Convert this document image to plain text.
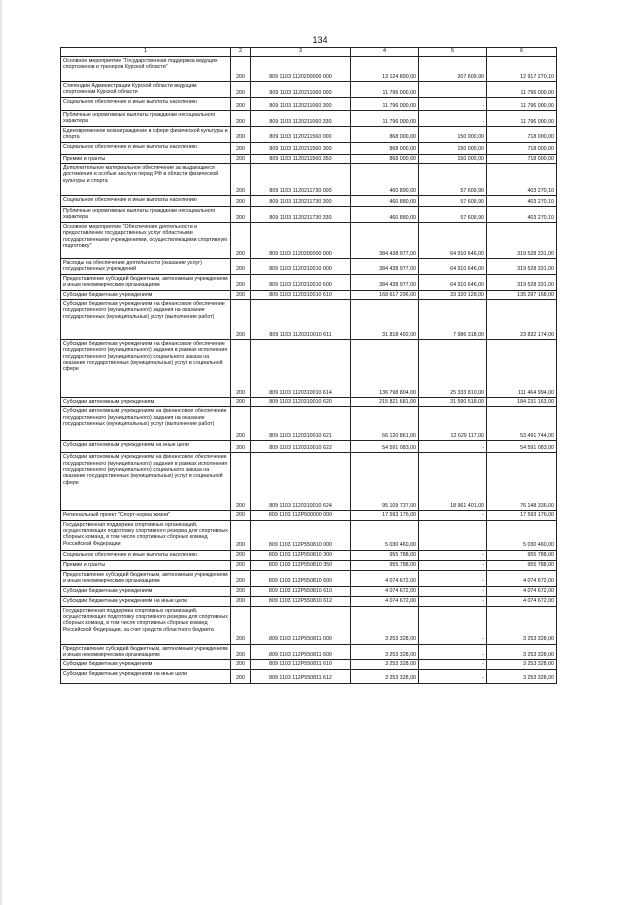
134
1	2	3	4	5	6
Основное мероприятие "Государственная поддержка ведущих спортсменов и тренеров Курской области"	200	809 1103 1120200000 000	13 124 890,00	207 609,90	12 917 270,10
Стипендии Администрации Курской области ведущим спортсменам Курской области	200	809 1103 1120211060 000	11 796 000,00		11 796 000,00
Социальное обеспечение и иные выплаты населению	200	809 1103 1120211060 300	11 796 000,00	-	11 796 000,00
Публичные нормативные выплаты гражданам несоциального характера	200	809 1103 1120211060 330	11 796 000,00	-	11 796 000,00
Единовременное вознаграждение в сфере физической культуры и спорта	200	809 1103 1120211560 000	868 000,00	150 000,00	718 000,00
Социальное обеспечение и иные выплаты населению	200	809 1103 1120211560 300	868 000,00	150 000,00	718 000,00
Премии и гранты	200	809 1103 1120211560 350	868 000,00	150 000,00	718 000,00
Дополнительное материальное обеспечение за выдающиеся достижения и особые заслуги перед РФ в области физической культуры и спорта	200	809 1103 1120211730 000	460 890,00	57 609,90	403 270,10
Социальное обеспечение и иные выплаты населению	200	809 1103 1120211730 300	460 880,00	57 609,90	403 270,10
Публичные нормативные выплаты гражданам несоциального характера	200	809 1103 1120211730 330	460 880,00	57 609,90	403 270,10
Основное мероприятие "Обеспечение деятельности и предоставление государственных услуг областными государственными учреждениями, осуществляющими спортивную подготовку"	200	809 1103 1120300000 000	384 438 977,00	64 910 646,00	319 528 331,00
Расходы на обеспечение деятельности (оказание услуг) государственных учреждений	200	809 1103 1120310010 000	384 438 977,00	64 910 646,00	319 528 331,00
Предоставление субсидий бюджетным, автономным учреждениям и иным некоммерческим организациям	200	809 1103 1120310010 600	384 438 977,00	64 910 646,00	319 528 331,00
Субсидии бюджетным учреждениям	200	809 1103 1120310010 610	168 617 296,00	33 320 128,00	135 297 168,00
Субсидии бюджетным учреждениям на финансовое обеспечение государственного (муниципального) задания на оказание государственных (муниципальных) услуг (выполнение работ)	200	809 1103 1120310010 611	31 818 492,00	7 986 318,00	23 832 174,00
Субсидии бюджетным учреждениям на финансовое обеспечение государственного (муниципального) задания в рамках исполнения государственного (муниципального) социального заказа на оказание государственных (муниципальных) услуг в социальной сфере	200	809 1103 1120310010 614	136 798 804,00	25 333 810,00	111 464 994,00
Субсидии автономным учреждениям	200	809 1103 1120310010 620	215 821 681,00	31 590 518,00	184 231 163,00
Субсидии автономным учреждениям на финансовое обеспечение государственного (муниципального) задания на оказание государственных (муниципальных) услуг (выполнение работ)	200	809 1103 1120310010 621	66 120 861,00	12 629 117,00	53 491 744,00
Субсидии автономным учреждениям на иные цели	200	809 1103 1120310010 622	54 591 083,00	-	54 591 083,00
Субсидии автономным учреждениям на финансовое обеспечение государственного (муниципального) задания в рамках исполнения государственного (муниципального) социального заказа на оказание государственных (муниципальных) услуг в социальной сфере	200	809 1103 1120310010 624	95 109 737,00	18 961 401,00	76 148 336,00
Региональный проект "Спорт-норма жизни"	200	809 1103 112Р500000 000	17 593 176,00	-	17 593 176,00
Государственная поддержка спортивных организаций, осуществляющих подготовку спортивного резерва для спортивных сборных команд, в том числе спортивных сборных команд Российской Федерации	200	809 1103 112Р550810 000	5 030 460,00		5 030 460,00
Социальное обеспечение и иные выплаты населению	200	809 1103 112Р550810 300	955 788,00	-	955 788,00
Премии и гранты	200	809 1103 112Р550810 350	955 788,00	-	955 788,00
Предоставление субсидий бюджетным, автономным учреждениям и иным некоммерческим организациям	200	809 1103 112Р550810 600	4 074 672,00	-	4 074 672,00
Субсидии бюджетным учреждениям	200	809 1103 112Р550810 610	4 074 672,00	-	4 074 672,00
Субсидии бюджетным учреждениям на иные цели	200	809 1103 112Р550810 612	4 074 672,00	-	4 074 672,00
Государственная поддержка спортивных организаций, осуществляющих подготовку спортивного резерва для спортивных сборных команд, в том числе спортивных сборных команд Российской Федерации, за счет средств областного бюджета	200	809 1103 112Р550811 000	3 253 328,00	-	3 253 328,00
Предоставление субсидий бюджетным, автономным учреждениям и иным некоммерческим организациям	200	809 1103 112Р550811 600	3 253 328,00	-	3 253 328,00
Субсидии бюджетным учреждениям	200	809 1103 112Р550811 610	3 253 328,00	-	3 253 328,00
Субсидии бюджетным учреждениям на иные цели	200	809 1103 112Р550811 612	3 253 328,00	-	3 253 328,00
